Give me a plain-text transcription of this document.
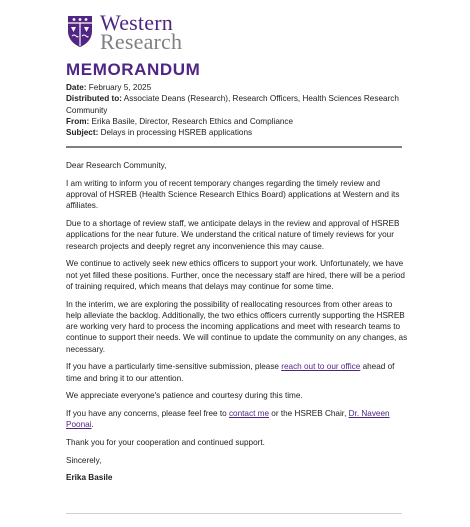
Western
Research
MEMORANDUM

Date: February 5, 2025

Distributed to: Associate Deans (Research), Research Officers, Health Sciences Research Community

From: Erika Basile, Director, Research Ethics and Compliance

Subject: Delays in processing HSREB applications

Dear Research Community,

I am writing to inform you of recent temporary changes regarding the timely review and approval of HSREB (Health Science Research Ethics Board) applications at Western and its affiliates.

Due to a shortage of review staff, we anticipate delays in the review and approval of HSREB applications for the near future. We understand the critical nature of timely reviews for your research projects and deeply regret any inconvenience this may cause.

We continue to actively seek new ethics officers to support your work. Unfortunately, we have not yet filled these positions. Further, once the necessary staff are hired, there will be a period of training required, which means that delays may continue for some time.

In the interim, we are exploring the possibility of reallocating resources from other areas to help alleviate the backlog. Additionally, the two ethics officers currently supporting the HSREB are working very hard to process the incoming applications and meet with research teams to continue to support their needs. We will continue to update the community on any changes, as necessary.

If you have a particularly time-sensitive submission, please reach out to our office ahead of time and bring it to our attention.

We appreciate everyone's patience and courtesy during this time.

If you have any concerns, please feel free to contact me or the HSREB Chair, Dr. Naveen Poonai.

Thank you for your cooperation and continued support.

Sincerely,

Erika Basile
